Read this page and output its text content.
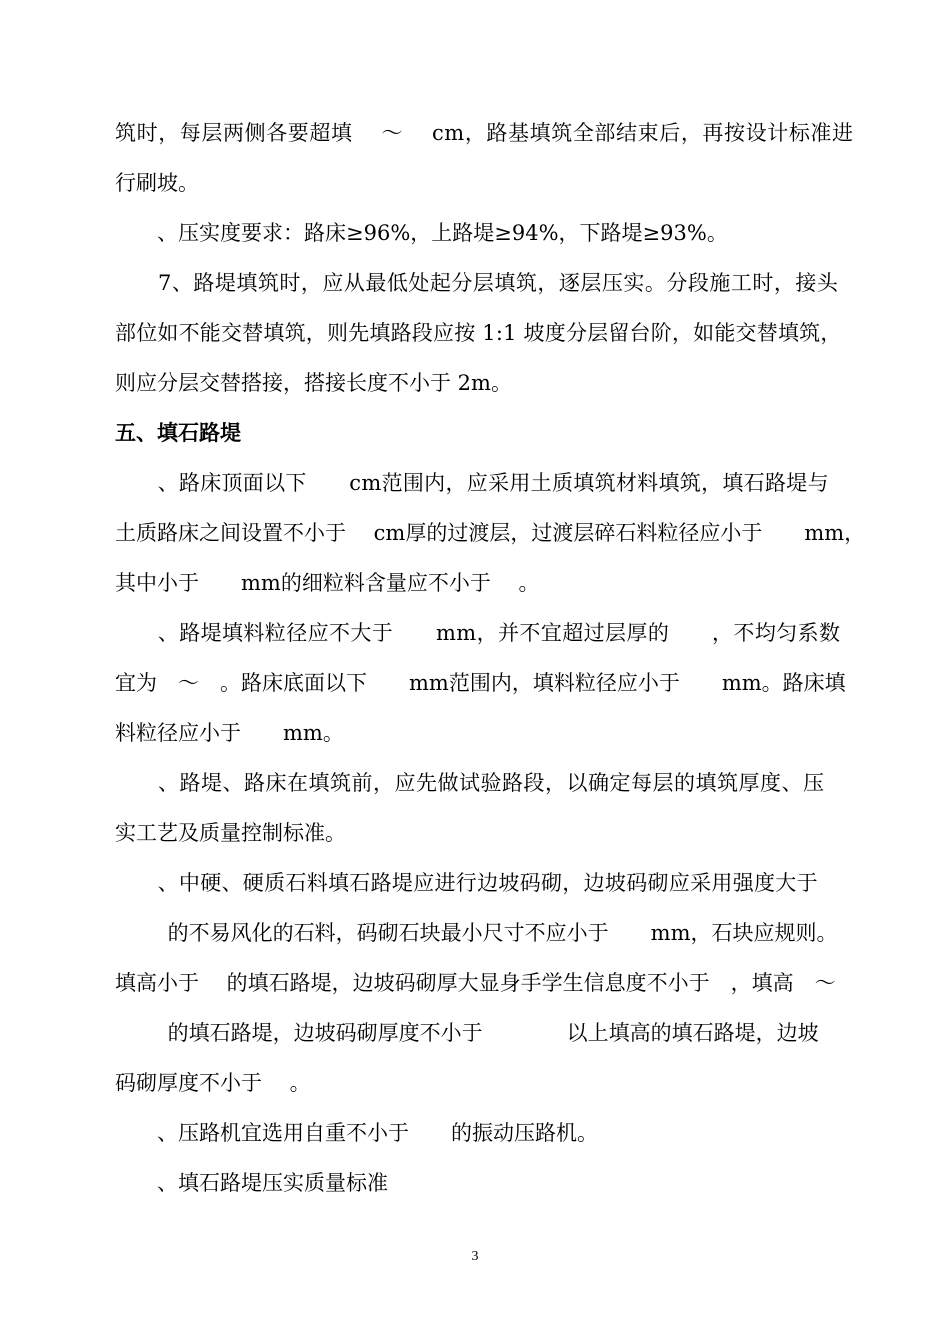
筑时，每层两侧各要超填　 ～　 cm，路基填筑全部结束后，再按设计标准进
行刷坡。
　　、压实度要求：路床≥96%，上路堤≥94%，下路堤≥93%。
　　7、路堤填筑时，应从最低处起分层填筑，逐层压实。分段施工时，接头
部位如不能交替填筑，则先填路段应按 1:1 坡度分层留台阶，如能交替填筑，
则应分层交替搭接，搭接长度不小于 2m。
五、填石路堤
　　、路床顶面以下　　cm范围内，应采用土质填筑材料填筑，填石路堤与
土质路床之间设置不小于　 cm厚的过渡层，过渡层碎石料粒径应小于　　mm，
其中小于　　mm的细粒料含量应不小于　 。
　　、路堤填料粒径应不大于　　mm，并不宜超过层厚的　　，不均匀系数
宜为　～　。路床底面以下　　mm范围内，填料粒径应小于　　mm。路床填
料粒径应小于　　mm。
　　、路堤、路床在填筑前，应先做试验路段，以确定每层的填筑厚度、压
实工艺及质量控制标准。
　　、中硬、硬质石料填石路堤应进行边坡码砌，边坡码砌应采用强度大于
　 的不易风化的石料，码砌石块最小尺寸不应小于　　mm，石块应规则。
填高小于　 的填石路堤，边坡码砌厚大显身手学生信息度不小于　，填高　～
　 的填石路堤，边坡码砌厚度不小于　　　　以上填高的填石路堤，边坡
码砌厚度不小于　 。
　　、压路机宜选用自重不小于　　的振动压路机。
　　、填石路堤压实质量标准
3
